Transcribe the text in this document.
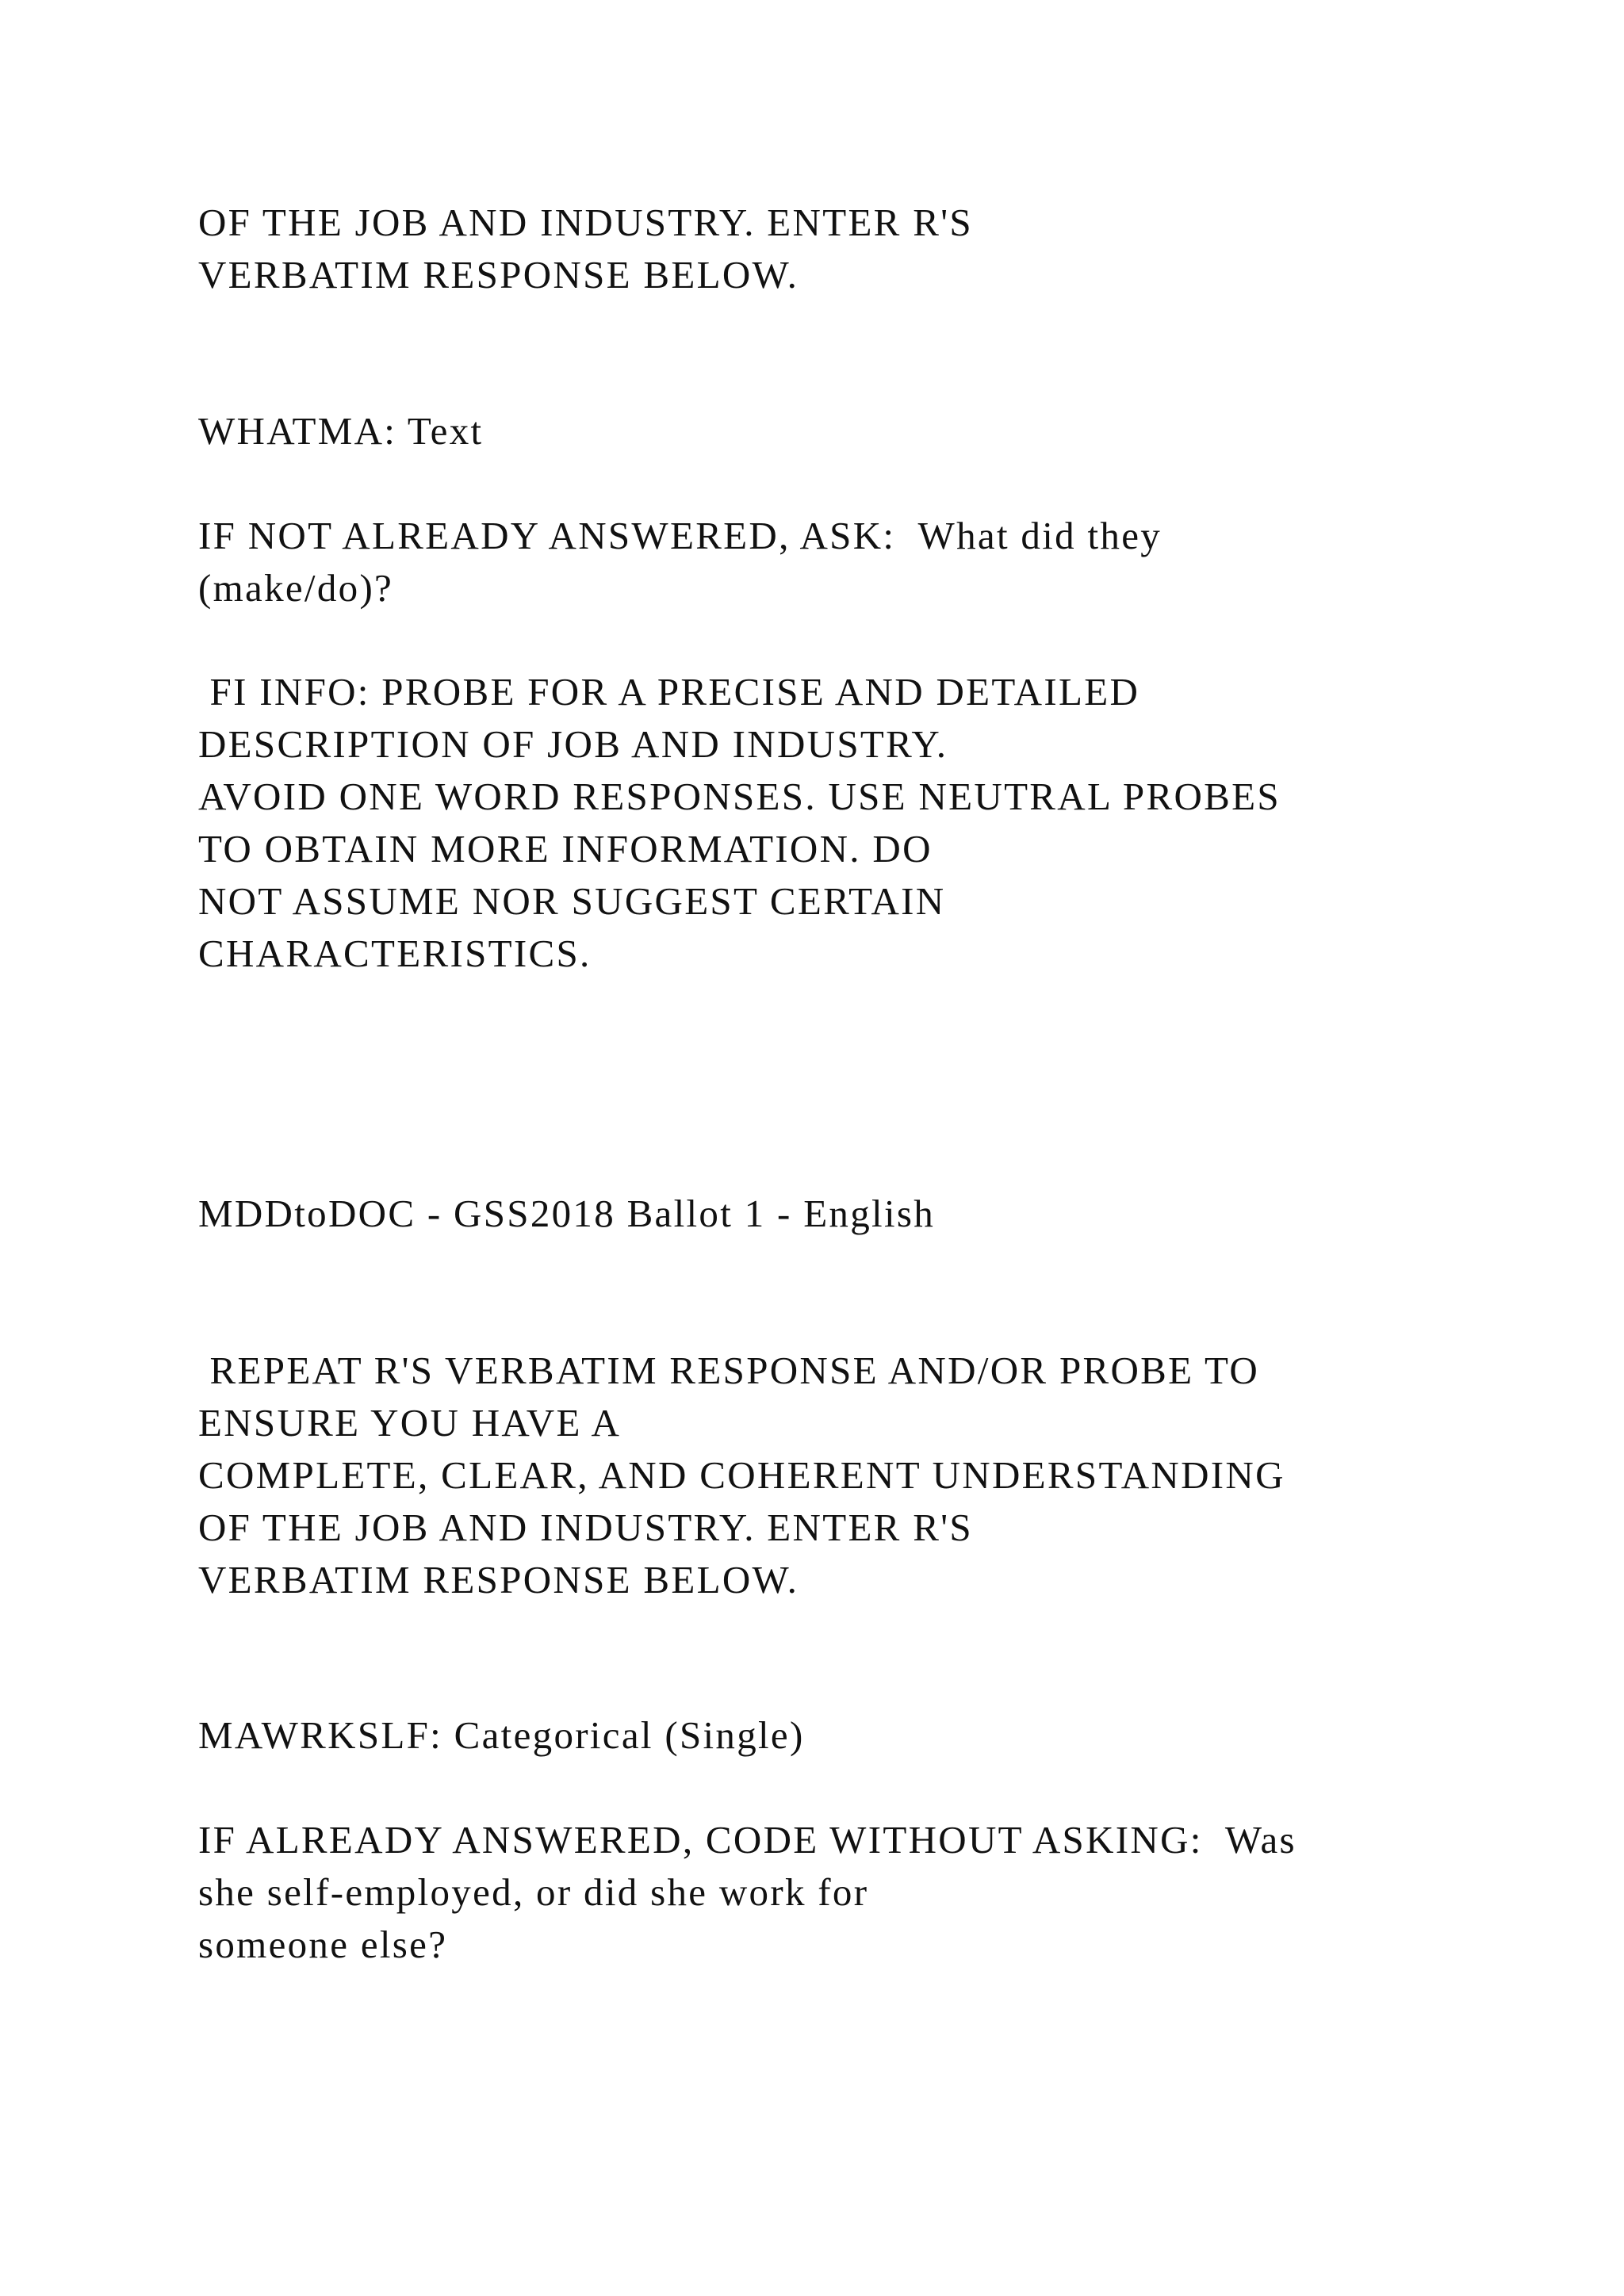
OF THE JOB AND INDUSTRY. ENTER R'S

VERBATIM RESPONSE BELOW.

WHATMA: Text

IF NOT ALREADY ANSWERED, ASK:  What did they

(make/do)?

FI INFO: PROBE FOR A PRECISE AND DETAILED

DESCRIPTION OF JOB AND INDUSTRY.

AVOID ONE WORD RESPONSES. USE NEUTRAL PROBES

TO OBTAIN MORE INFORMATION. DO

NOT ASSUME NOR SUGGEST CERTAIN

CHARACTERISTICS.

MDDtoDOC - GSS2018 Ballot 1 - English

REPEAT R'S VERBATIM RESPONSE AND/OR PROBE TO

ENSURE YOU HAVE A

COMPLETE, CLEAR, AND COHERENT UNDERSTANDING

OF THE JOB AND INDUSTRY. ENTER R'S

VERBATIM RESPONSE BELOW.

MAWRKSLF: Categorical (Single)

IF ALREADY ANSWERED, CODE WITHOUT ASKING:  Was

she self-employed, or did she work for

someone else?
